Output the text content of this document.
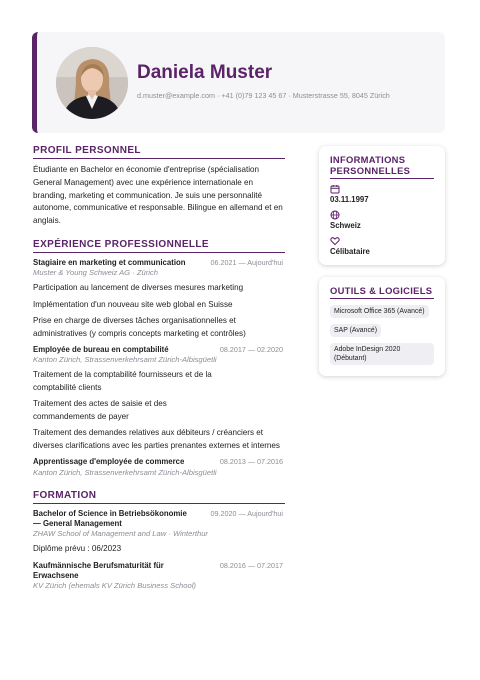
Daniela Muster
d.muster@example.com · +41 (0)79 123 45 67 · Musterstrasse 55, 8045 Zürich
PROFIL PERSONNEL
Étudiante en Bachelor en économie d'entreprise (spécialisation General Management) avec une expérience internationale en branding, marketing et communication. Je suis une personnalité autonome, communicative et responsable. Bilingue en allemand et en anglais.
EXPÉRIENCE PROFESSIONNELLE
Stagiaire en marketing et communication	06.2021 — Aujourd'hui
Muster & Young Schweiz AG · Zürich
Participation au lancement de diverses mesures marketing
Implémentation d'un nouveau site web global en Suisse
Prise en charge de diverses tâches organisationnelles et administratives (y compris concepts marketing et contrôles)
Employée de bureau en comptabilité	08.2017 — 02.2020
Kanton Zürich, Strassenverkehrsamt Zürich-Albisgüetli
Traitement de la comptabilité fournisseurs et de la comptabilité clients
Traitement des actes de saisie et des commandements de payer
Traitement des demandes relatives aux débiteurs / créanciers et diverses clarifications avec les parties prenantes externes et internes
Apprentissage d'employée de commerce	08.2013 — 07.2016
Kanton Zürich, Strassenverkehrsamt Zürich-Albisgüetli
FORMATION
Bachelor of Science in Betriebsökonomie — General Management
09.2020 — Aujourd'hui
ZHAW School of Management and Law · Winterthur
Diplôme prévu : 06/2023
Kaufmännische Berufsmaturität für Erwachsene
08.2016 — 07.2017
KV Zürich (ehemals KV Zürich Business School)
INFORMATIONS PERSONNELLES
03.11.1997
Schweiz
Célibataire
OUTILS & LOGICIELS
Microsoft Office 365 (Avancé)
SAP (Avancé)
Adobe InDesign 2020 (Débutant)
